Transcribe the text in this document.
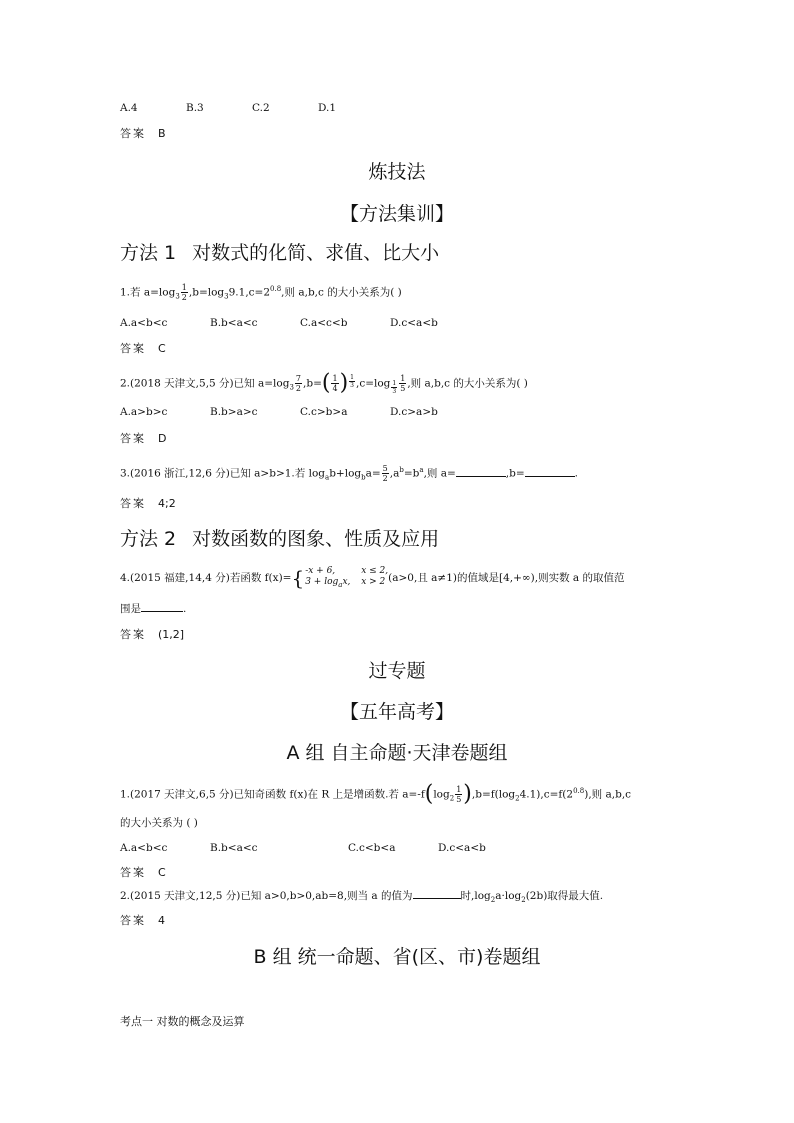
A.4	B.3	C.2	D.1
答案 B
炼技法
【方法集训】
方法 1 对数式的化简、求值、比大小
1.若 $a=\log_3 \frac{1}{2} ,b=\log_39.1,c=2^{0.8}$,则 a,b,c 的大小关系为( )
A.a<b<c	B.b<a<c	C.a<c<b	D.c<a<b
答案 C
2.(2018 天津文,5,5 分)已知 $a=\log_3 \frac{7}{2} ,b=( \frac{1}{4}$ ) $\frac{1}{3} ,c=\log \frac{1}{3} \frac{1}{5}$ ,则 a,b,c 的大小关系为( )
A.a>b>c	B.b>a>c	C.c>b>a	D.c>a>b
答案 D
3.(2016 浙江,12,6 分)已知 a>b>1.若 $\log_ab+\log_ba= \frac{5}{2} ,a^b=b^a$,则 a=	,b=	.
答案 4;2
方法 2 对数函数的图象、性质及应用
4.(2015 福建,14,4 分)若函数 f(x)= { -x + 6,	x ≤ 2,
$3 + \log_ax$, x > 2 (a>0,且 a≠1)的值域是[4,+∞),则实数 a 的取值范
围是	.
答案 (1,2]
过专题
【五年高考】
A 组 自主命题·天津卷题组
1.(2017 天津文,6,5 分)已知奇函数 f(x)在 R 上是增函数.若 $a=-f(\log_2 \frac{1}{5} ),b=f(\log_24.1),c=f(2^{0.8})$,则 a,b,c
的大小关系为 ( )
A.a<b<c	B.b<a<c	C.c<b<a	D.c<a<b
答案 C
2.(2015 天津文,12,5 分)已知 a>0,b>0,ab=8,则当 a 的值为	时$,\log_2a\cdot\log_2(2b)$取得最大值.
答案 4
B 组 统一命题、省(区、市)卷题组
考点一 对数的概念及运算
